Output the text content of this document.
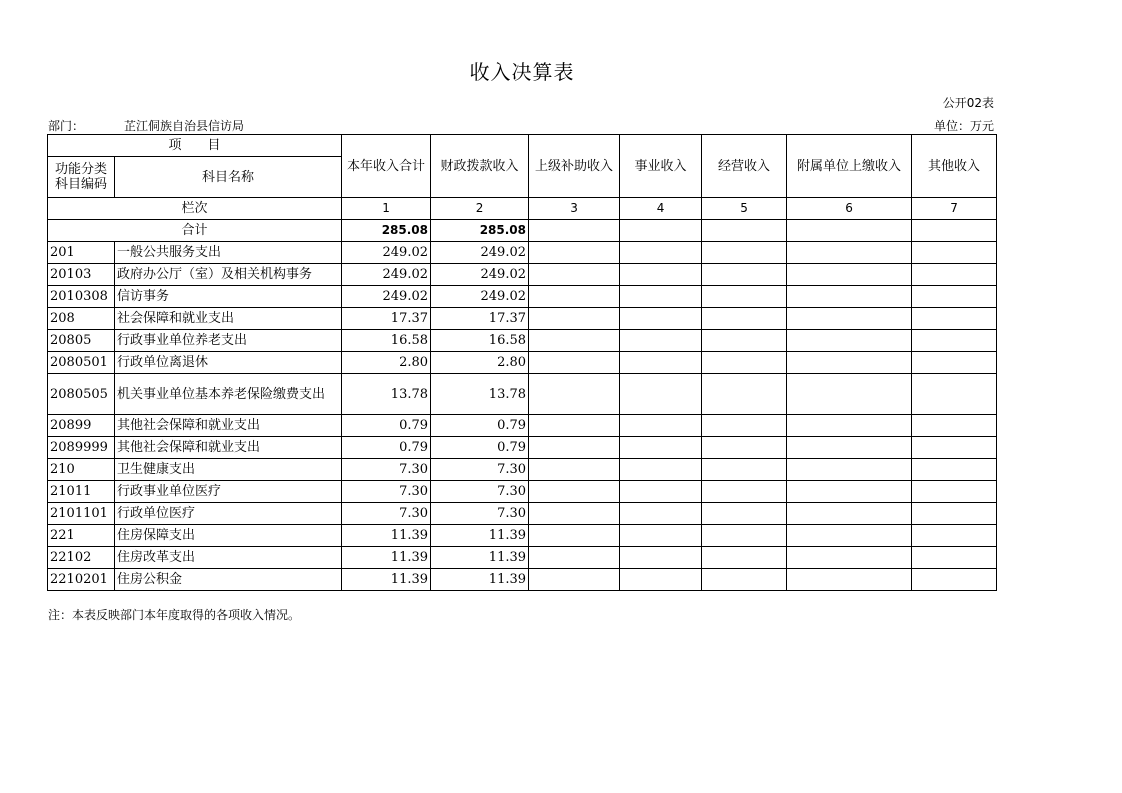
收入决算表
公开02表
部门：	芷江侗族自治县信访局	单位：万元
项　　目		本年收入合计	财政拨款收入	上级补助收入	事业收入	经营收入	附属单位上缴收入	其他收入
功能分类科目编码	科目名称							

栏次		1	2	3	4	5	6	7
合计		285.08	285.08					
201	一般公共服务支出	249.02	249.02					
20103	政府办公厅（室）及相关机构事务	249.02	249.02					
2010308	信访事务	249.02	249.02					
208	社会保障和就业支出	17.37	17.37					
20805	行政事业单位养老支出	16.58	16.58					
2080501	行政单位离退休	2.80	2.80					
2080505	机关事业单位基本养老保险缴费支出	13.78	13.78					
20899	其他社会保障和就业支出	0.79	0.79					
2089999	其他社会保障和就业支出	0.79	0.79					
210	卫生健康支出	7.30	7.30					
21011	行政事业单位医疗	7.30	7.30					
2101101	行政单位医疗	7.30	7.30					
221	住房保障支出	11.39	11.39					
22102	住房改革支出	11.39	11.39					
2210201	住房公积金	11.39	11.39					
注：本表反映部门本年度取得的各项收入情况。
